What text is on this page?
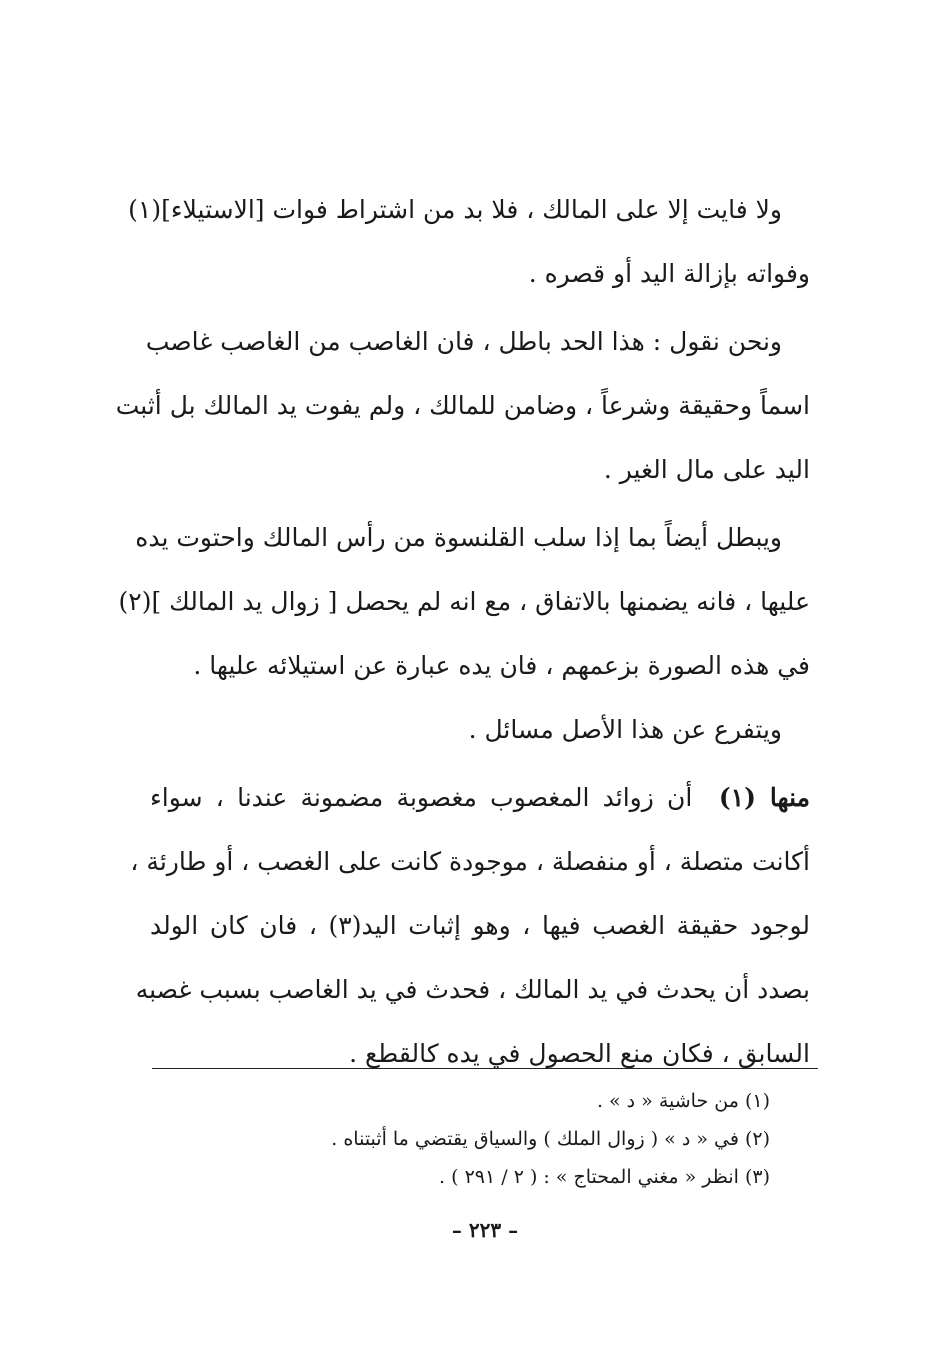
ولا فايت إلا على المالك ، فلا بد من اشتراط فوات [الاستيلاء](١)
وفواته بإزالة اليد أو قصره .
ونحن نقول : هذا الحد باطل ، فان الغاصب من الغاصب غاصب
اسماً وحقيقة وشرعاً ، وضامن للمالك ، ولم يفوت يد المالك بل أثبت
اليد على مال الغير .
ويبطل أيضاً بما إذا سلب القلنسوة من رأس المالك واحتوت يده
عليها ، فانه يضمنها بالاتفاق ، مع انه لم يحصل [ زوال يد المالك ](٢)
في هذه الصورة بزعمهم ، فان يده عبارة عن استيلائه عليها .
ويتفرع عن هذا الأصل مسائل .
منها (١)  أن زوائد المغصوب مغصوبة مضمونة عندنا ، سواء
أكانت متصلة ، أو منفصلة ، موجودة كانت على الغصب ، أو طارئة ،
لوجود حقيقة الغصب فيها ، وهو إثبات اليد(٣) ، فان كان الولد
بصدد أن يحدث في يد المالك ، فحدث في يد الغاصب بسبب غصبه
السابق ، فكان منع الحصول في يده كالقطع .
(١) من حاشية « د » .
(٢) في « د » ( زوال الملك ) والسياق يقتضي ما أثبتناه .
(٣) انظر « مغني المحتاج » : ( ٢ / ٢٩١ ) .
– ٢٢٣ –
